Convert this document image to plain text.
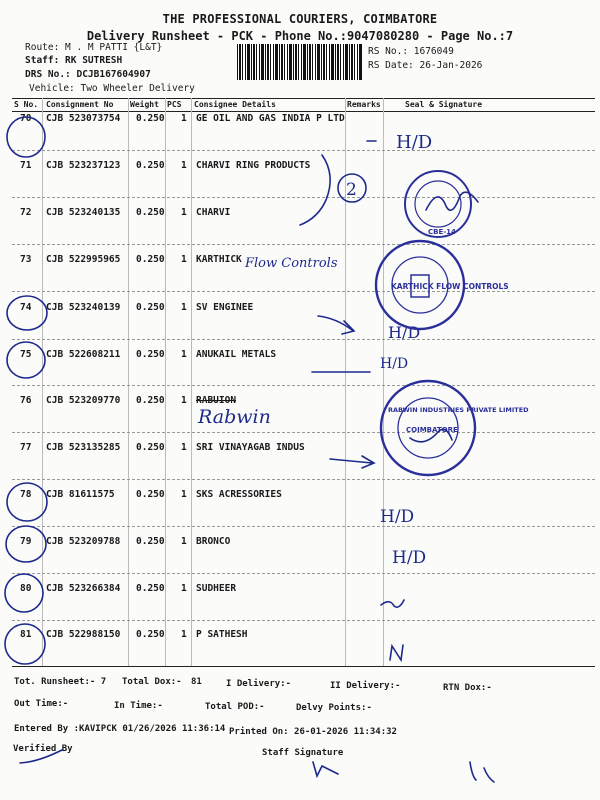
THE PROFESSIONAL COURIERS, COIMBATORE
Delivery Runsheet - PCK - Phone No.:9047080280 - Page No.:7
Route: M . M PATTI {L&T}
Staff: RK SUTRESH
DRS No.: DCJB167604907
Vehicle: Two Wheeler Delivery
RS No.: 1676049
RS Date: 26-Jan-2026
S No. Consignment No Weight PCS Consignee Details	Remarks	Seal & Signature
70 CJB 523073754 0.250 1 GE OIL AND GAS INDIA P LTD
71 CJB 523237123 0.250 1 CHARVI RING PRODUCTS
72 CJB 523240135 0.250 1 CHARVI
73 CJB 522995965 0.250 1 KARTHICK
74 CJB 523240139 0.250 1 SV ENGINEE
75 CJB 522608211 0.250 1 ANUKAIL METALS
76 CJB 523209770 0.250 1 RABUION
77 CJB 523135285 0.250 1 SRI VINAYAGAB INDUS
78 CJB 81611575 0.250 1 SKS ACRESSORIES
79 CJB 523209788 0.250 1 BRONCO
80 CJB 523266384 0.250 1 SUDHEER
81 CJB 522988150 0.250 1 P SATHESH
Tot. Runsheet:- 7 Total Dox:- 81	I Delivery:-	II Delivery:-	RTN Dox:-
Out Time:-	In Time:-	Total POD:-	Delvy Points:-
Entered By :KAVIPCK 01/26/2026 11:36:14 Printed On: 26-01-2026 11:34:32
Verified By	Staff Signature
Flow Controls
Rabwin
H/D
H/D
H/D
H/D
H/D
2
CBE-14
KARTHICK FLOW CONTROLS
RABWIN INDUSTRIES PRIVATE LIMITED
COIMBATORE
